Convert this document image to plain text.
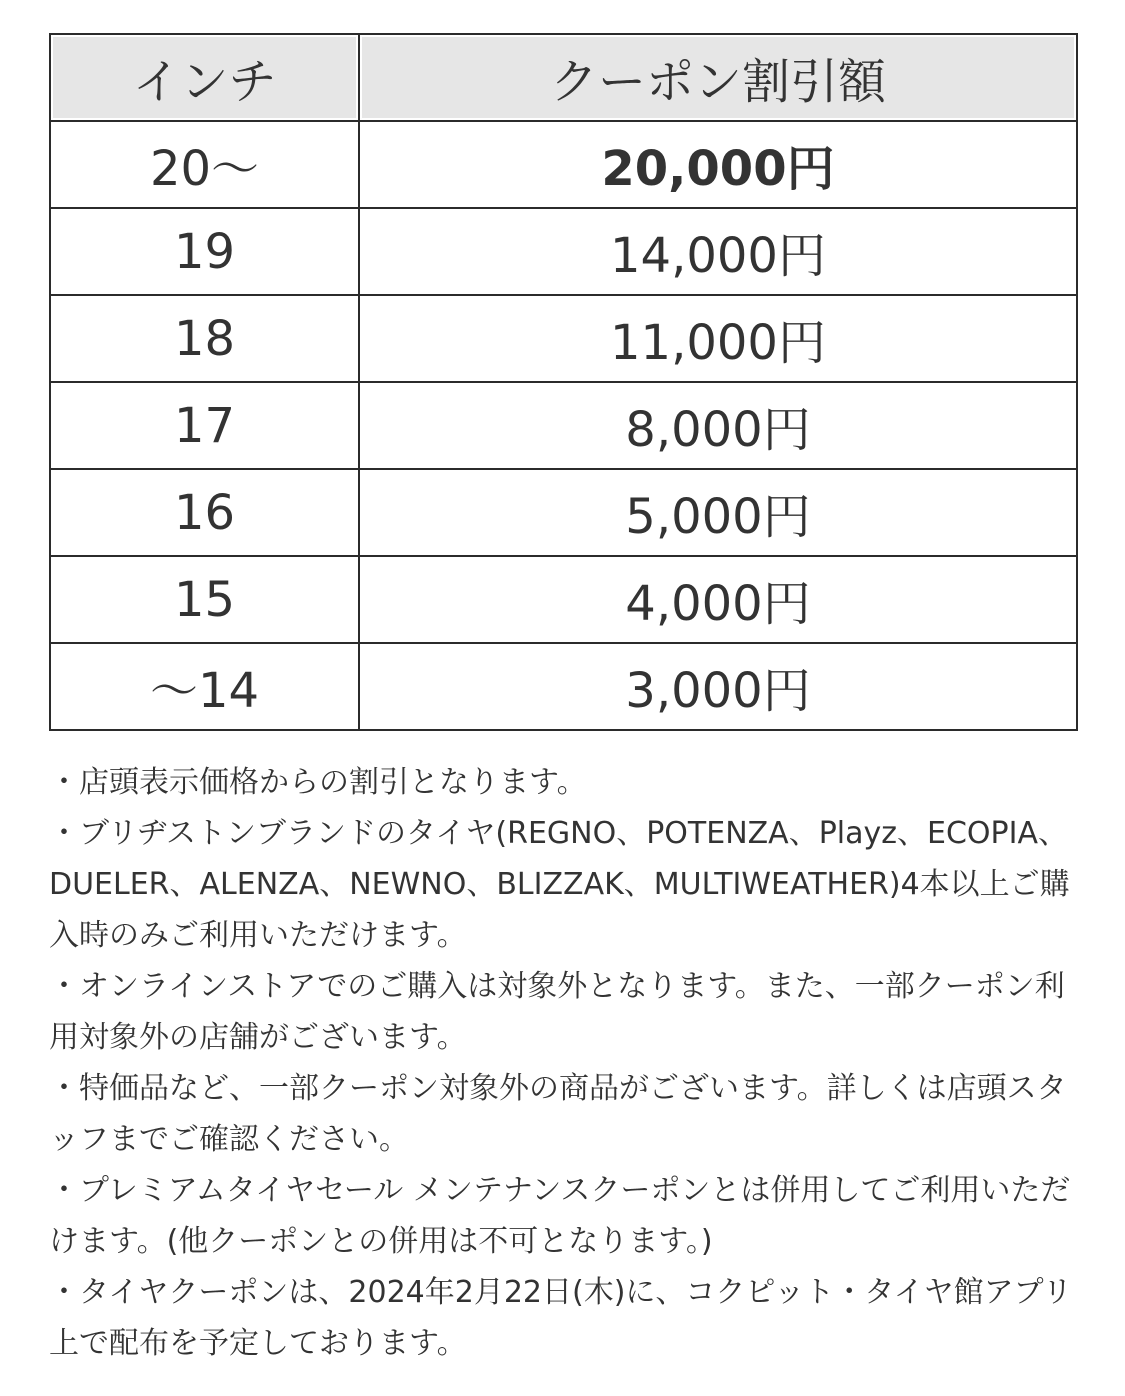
インチ	クーポン割引額
20〜	20,000円
19	14,000円
18	11,000円
17	8,000円
16	5,000円
15	4,000円
〜14	3,000円

・店頭表示価格からの割引となります。

・ブリヂストンブランドのタイヤ(REGNO、POTENZA、Playz、ECOPIA、DUELER、ALENZA、NEWNO、BLIZZAK、MULTIWEATHER)4本以上ご購入時のみご利用いただけます。

・オンラインストアでのご購入は対象外となります。また、一部クーポン利用対象外の店舗がございます。

・特価品など、一部クーポン対象外の商品がございます。詳しくは店頭スタッフまでご確認ください。

・プレミアムタイヤセール メンテナンスクーポンとは併用してご利用いただけます。(他クーポンとの併用は不可となります。)

・タイヤクーポンは、2024年2月22日(木)に、コクピット・タイヤ館アプリ上で配布を予定しております。
